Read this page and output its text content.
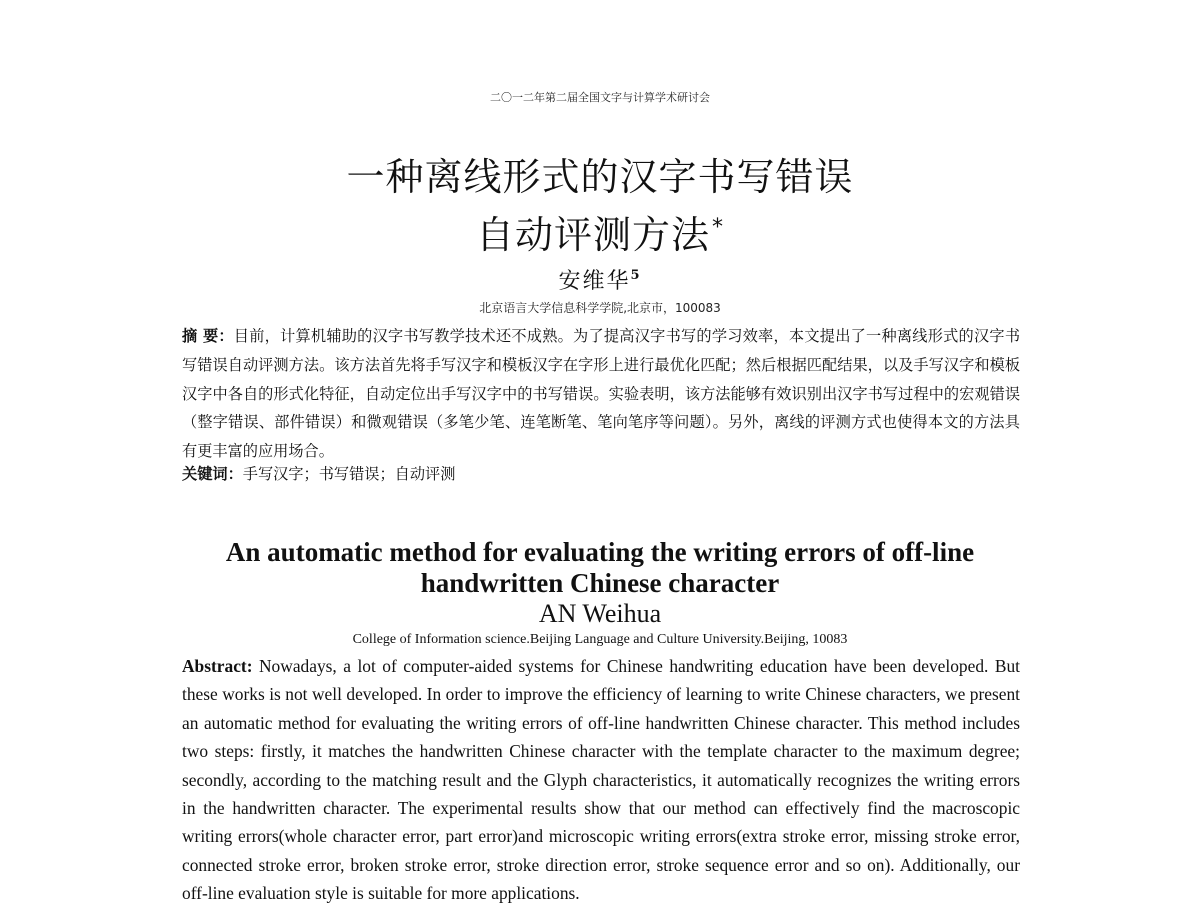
二〇一二年第二届全国文字与计算学术研讨会
一种离线形式的汉字书写错误
自动评测方法*
安维华$^5$
北京语言大学信息科学学院,北京市，100083
摘 要：目前，计算机辅助的汉字书写教学技术还不成熟。为了提高汉字书写的学习效率，本文提出了一种离线形式的汉字书写错误自动评测方法。该方法首先将手写汉字和模板汉字在字形上进行最优化匹配；然后根据匹配结果，以及手写汉字和模板汉字中各自的形式化特征，自动定位出手写汉字中的书写错误。实验表明，该方法能够有效识别出汉字书写过程中的宏观错误（整字错误、部件错误）和微观错误（多笔少笔、连笔断笔、笔向笔序等问题）。另外，离线的评测方式也使得本文的方法具有更丰富的应用场合。
关键词：手写汉字；书写错误；自动评测
An automatic method for evaluating the writing errors of off-line
handwritten Chinese character
AN Weihua
College of Information science.Beijing Language and Culture University.Beijing, 10083
Abstract: Nowadays, a lot of computer-aided systems for Chinese handwriting education have been developed. But these works is not well developed. In order to improve the efficiency of learning to write Chinese characters, we present an automatic method for evaluating the writing errors of off-line handwritten Chinese character. This method includes two steps: firstly, it matches the handwritten Chinese character with the template character to the maximum degree; secondly, according to the matching result and the Glyph characteristics, it automatically recognizes the writing errors in the handwritten character. The experimental results show that our method can effectively find the macroscopic writing errors(whole character error, part error)and microscopic writing errors(extra stroke error, missing stroke error, connected stroke error, broken stroke error, stroke direction error, stroke sequence error and so on). Additionally, our off-line evaluation style is suitable for more applications.
